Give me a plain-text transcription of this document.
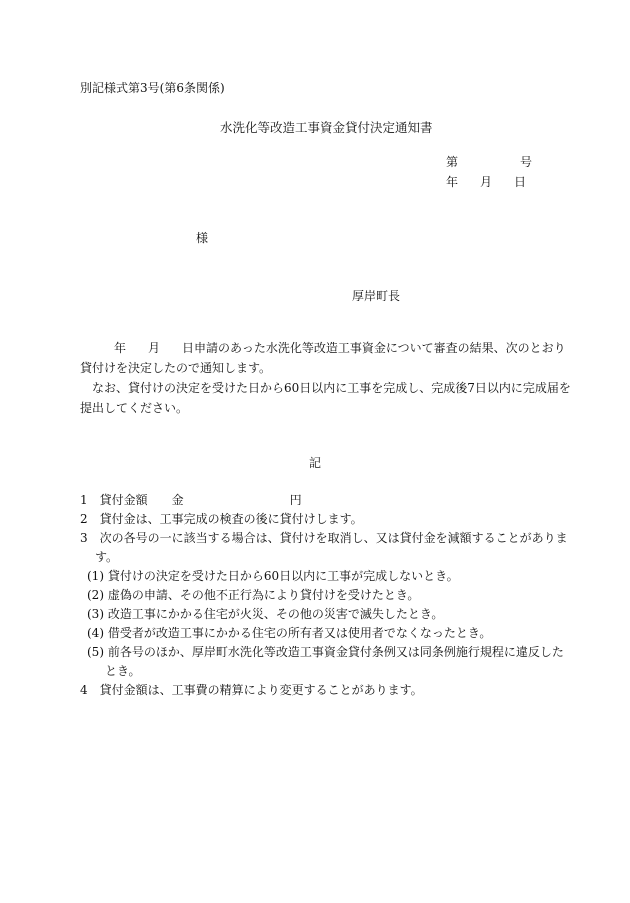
別記様式第3号(第6条関係)
水洗化等改造工事資金貸付決定通知書
第	号
年 月 日
様
厚岸町長
年 月 日申請のあった水洗化等改造工事資金について審査の結果、次のとおり
貸付けを決定したので通知します。
なお、貸付けの決定を受けた日から60日以内に工事を完成し、完成後7日以内に完成届を
提出してください。
記
1 貸付金額 金	円
2　貸付金は、工事完成の検査の後に貸付けします。
3　次の各号の一に該当する場合は、貸付けを取消し、又は貸付金を減額することがありま
す。
(1) 貸付けの決定を受けた日から60日以内に工事が完成しないとき。
(2) 虚偽の申請、その他不正行為により貸付けを受けたとき。
(3) 改造工事にかかる住宅が火災、その他の災害で滅失したとき。
(4) 借受者が改造工事にかかる住宅の所有者又は使用者でなくなったとき。
(5) 前各号のほか、厚岸町水洗化等改造工事資金貸付条例又は同条例施行規程に違反した
とき。
4　貸付金額は、工事費の精算により変更することがあります。
